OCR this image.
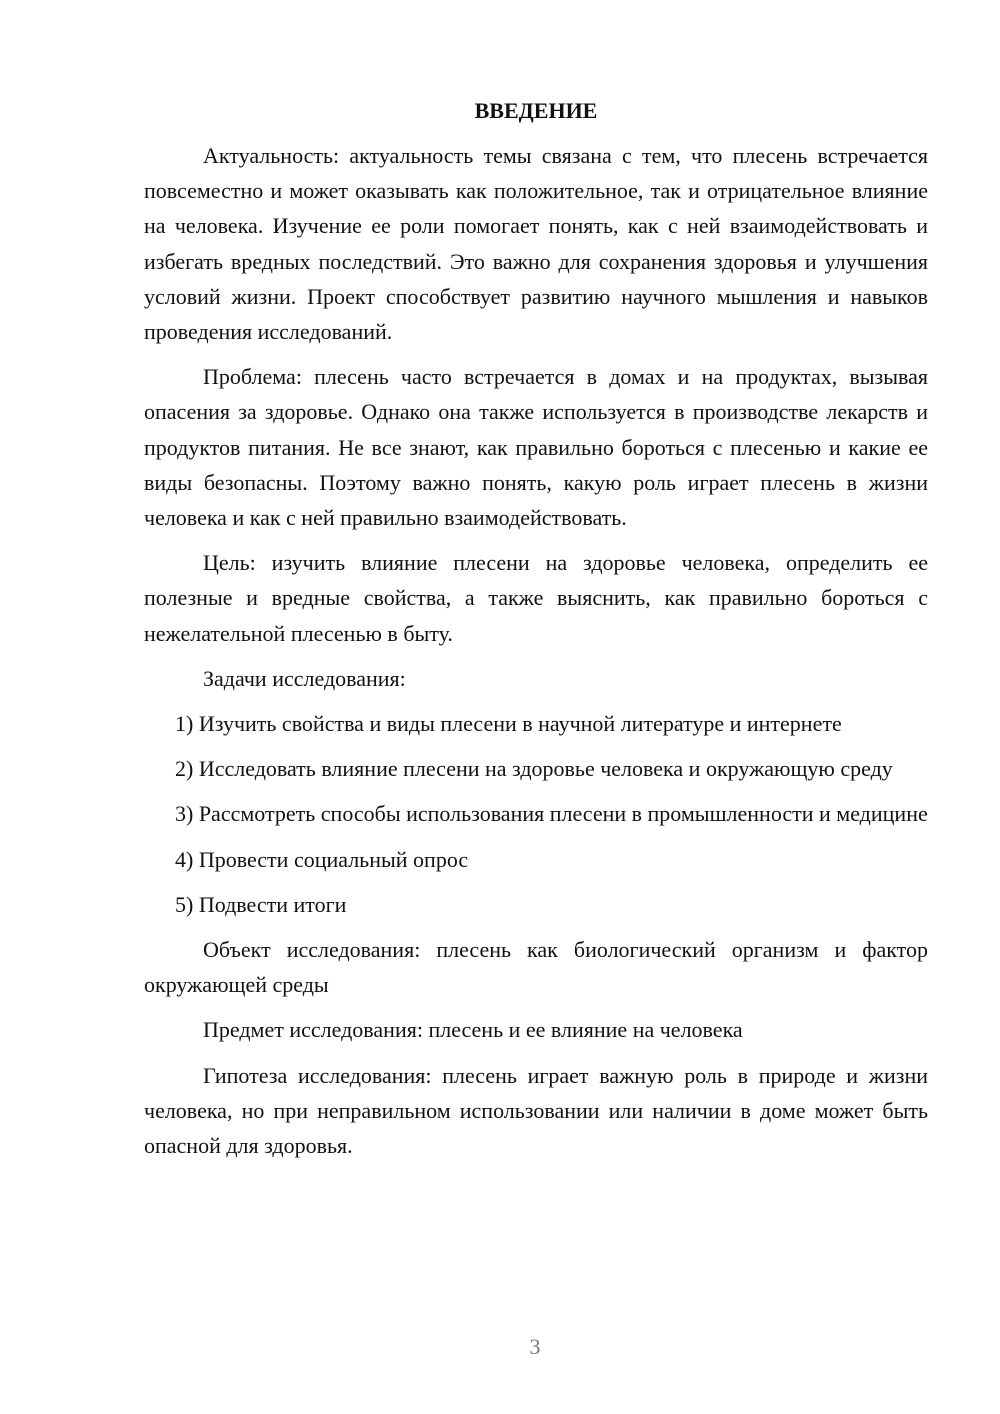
ВВЕДЕНИЕ

Актуальность: актуальность темы связана с тем, что плесень встречается повсеместно и может оказывать как положительное, так и отрицательное влияние на человека. Изучение ее роли помогает понять, как с ней взаимодействовать и избегать вредных последствий. Это важно для сохранения здоровья и улучшения условий жизни. Проект способствует развитию научного мышления и навыков проведения исследований.

Проблема: плесень часто встречается в домах и на продуктах, вызывая опасения за здоровье. Однако она также используется в производстве лекарств и продуктов питания. Не все знают, как правильно бороться с плесенью и какие ее виды безопасны. Поэтому важно понять, какую роль играет плесень в жизни человека и как с ней правильно взаимодействовать.

Цель: изучить влияние плесени на здоровье человека, определить ее полезные и вредные свойства, а также выяснить, как правильно бороться с нежелательной плесенью в быту.

Задачи исследования:

1) Изучить свойства и виды плесени в научной литературе и интернете

2) Исследовать влияние плесени на здоровье человека и окружающую среду

3) Рассмотреть способы использования плесени в промышленности и медицине

4) Провести социальный опрос

5) Подвести итоги

Объект исследования: плесень как биологический организм и фактор окружающей среды

Предмет исследования: плесень и ее влияние на человека

Гипотеза исследования: плесень играет важную роль в природе и жизни человека, но при неправильном использовании или наличии в доме может быть опасной для здоровья.

3
